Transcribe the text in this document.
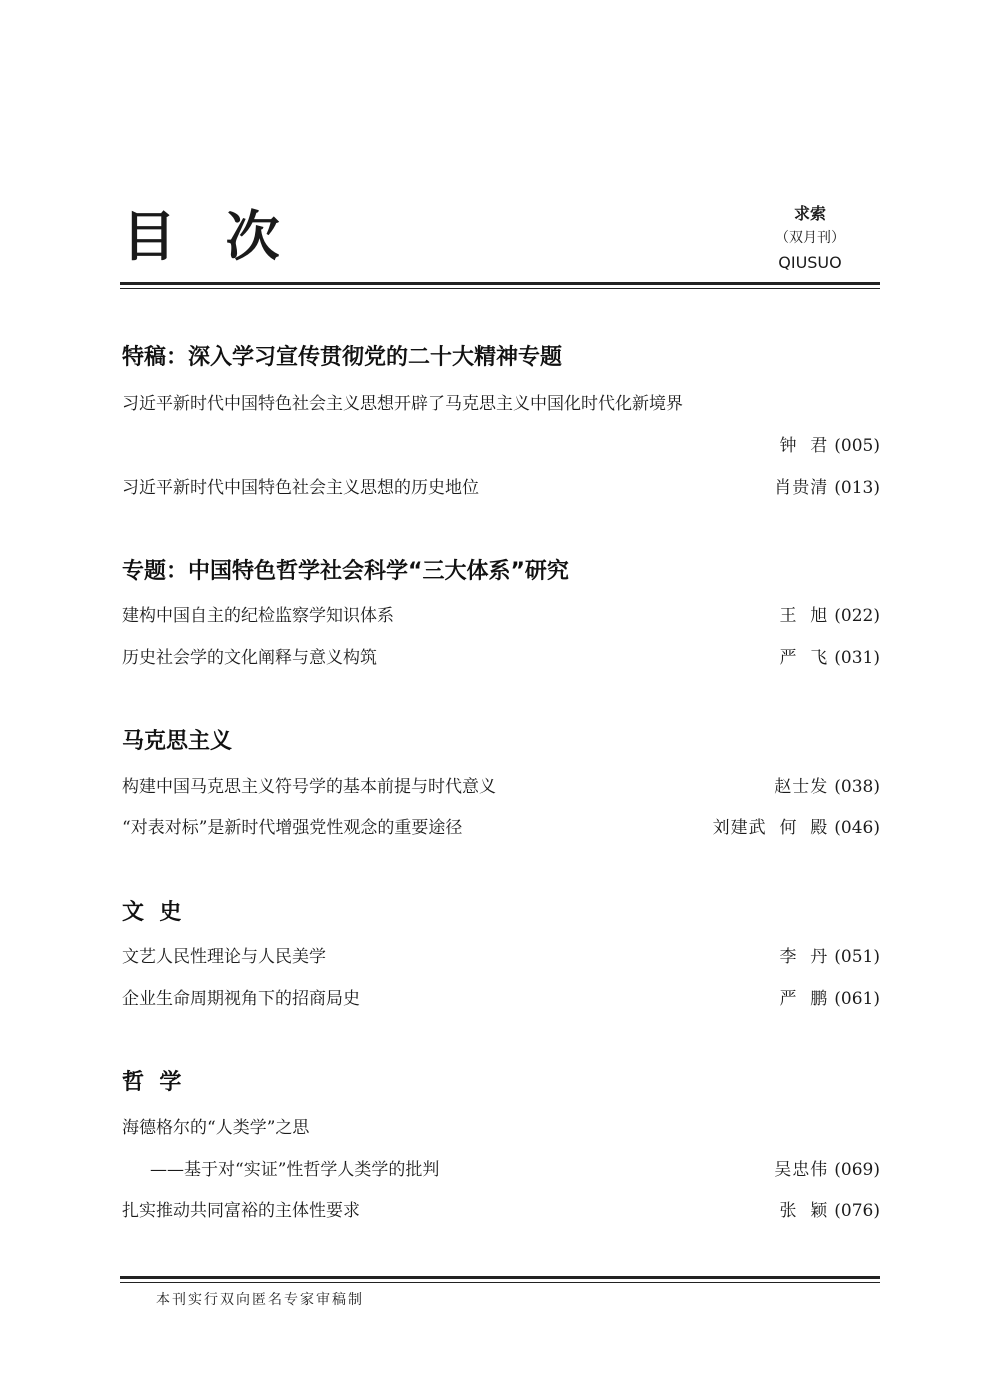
目  次	求索
（双月刊）
QIUSUO
特稿：深入学习宣传贯彻党的二十大精神专题
习近平新时代中国特色社会主义思想开辟了马克思主义中国化时代化新境界
钟  君 (005)
习近平新时代中国特色社会主义思想的历史地位	肖贵清 (013)
专题：中国特色哲学社会科学“三大体系”研究
建构中国自主的纪检监察学知识体系	王  旭 (022)
历史社会学的文化阐释与意义构筑	严  飞 (031)
马克思主义
构建中国马克思主义符号学的基本前提与时代意义	赵士发 (038)
“对表对标”是新时代增强党性观念的重要途径	刘建武  何  殿 (046)
文  史
文艺人民性理论与人民美学	李  丹 (051)
企业生命周期视角下的招商局史	严  鹏 (061)
哲  学
海德格尔的“人类学”之思
——基于对“实证”性哲学人类学的批判	吴忠伟 (069)
扎实推动共同富裕的主体性要求	张  颖 (076)
本刊实行双向匿名专家审稿制
